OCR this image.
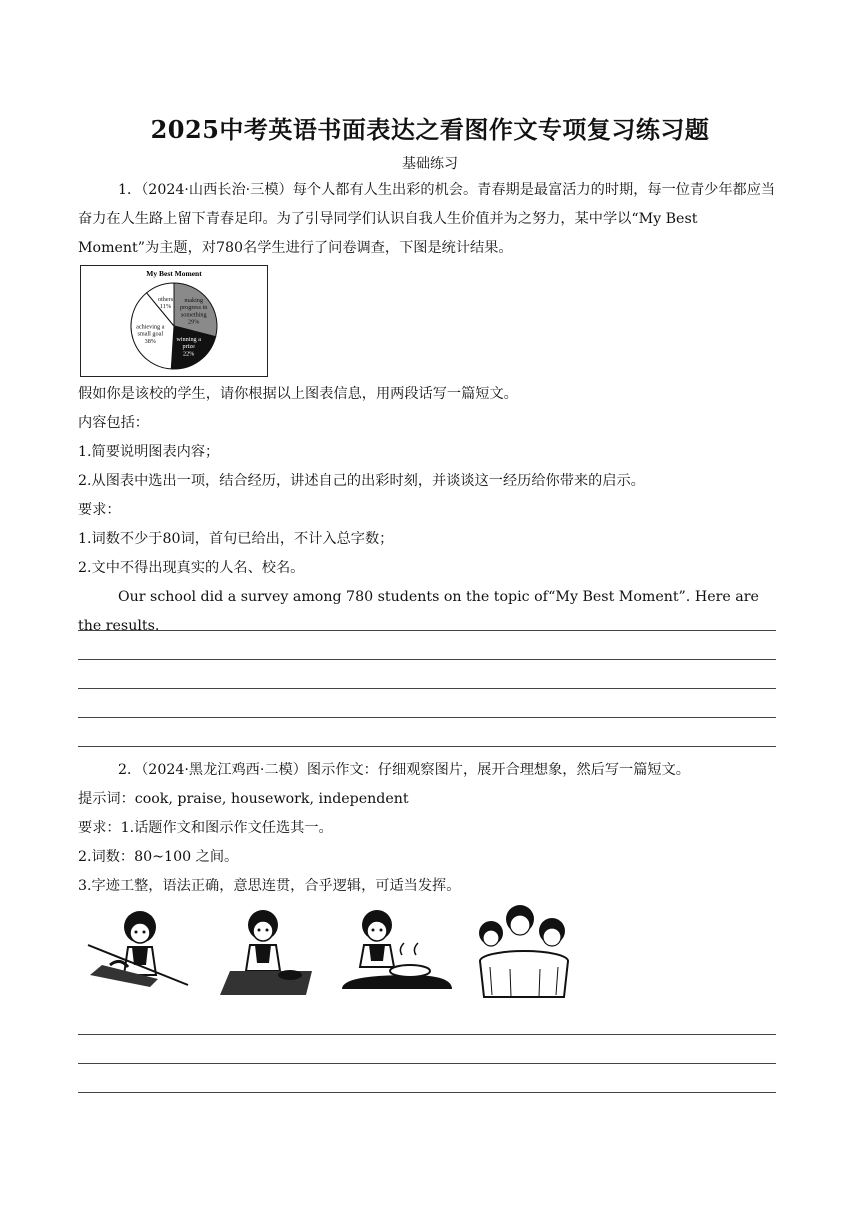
2025中考英语书面表达之看图作文专项复习练习题
基础练习
1．（2024·山西长治·三模）每个人都有人生出彩的机会。青春期是最富活力的时期，每一位青少年都应当奋力在人生路上留下青春足印。为了引导同学们认识自我人生价值并为之努力，某中学以“My Best Moment”为主题，对780名学生进行了问卷调查，下图是统计结果。
My Best Moment
making progress in something 29%
winning a prize 22%
achieving a small goal 38%
others 11%
假如你是该校的学生，请你根据以上图表信息，用两段话写一篇短文。
内容包括：
1.简要说明图表内容；
2.从图表中选出一项，结合经历，讲述自己的出彩时刻，并谈谈这一经历给你带来的启示。
要求：
1.词数不少于80词，首句已给出，不计入总字数；
2.文中不得出现真实的人名、校名。
Our school did a survey among 780 students on the topic of“My Best Moment”. Here are the results.
2．（2024·黑龙江鸡西·二模）图示作文：仔细观察图片，展开合理想象，然后写一篇短文。
提示词：cook, praise, housework, independent
要求：1.话题作文和图示作文任选其一。
2.词数：80~100 之间。
3.字迹工整，语法正确，意思连贯，合乎逻辑，可适当发挥。
